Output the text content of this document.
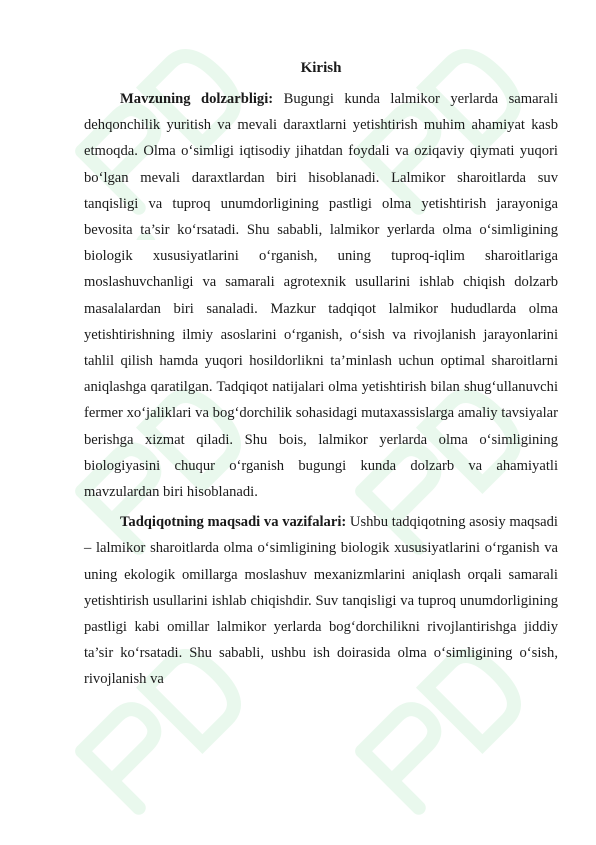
Kirish

Mavzuning dolzarbligi: Bugungi kunda lalmikor yerlarda samarali dehqonchilik yuritish va mevali daraxtlarni yetishtirish muhim ahamiyat kasb etmoqda. Olma o‘simligi iqtisodiy jihatdan foydali va oziqaviy qiymati yuqori bo‘lgan mevali daraxtlardan biri hisoblanadi. Lalmikor sharoitlarda suv tanqisligi va tuproq unumdorligining pastligi olma yetishtirish jarayoniga bevosita ta’sir ko‘rsatadi. Shu sababli, lalmikor yerlarda olma o‘simligining biologik xususiyatlarini o‘rganish, uning tuproq-iqlim sharoitlariga moslashuvchanligi va samarali agrotexnik usullarini ishlab chiqish dolzarb masalalardan biri sanaladi. Mazkur tadqiqot lalmikor hududlarda olma yetishtirishning ilmiy asoslarini o‘rganish, o‘sish va rivojlanish jarayonlarini tahlil qilish hamda yuqori hosildorlikni ta’minlash uchun optimal sharoitlarni aniqlashga qaratilgan. Tadqiqot natijalari olma yetishtirish bilan shug‘ullanuvchi fermer xo‘jaliklari va bog‘dorchilik sohasidagi mutaxassislarga amaliy tavsiyalar berishga xizmat qiladi. Shu bois, lalmikor yerlarda olma o‘simligining biologiyasini chuqur o‘rganish bugungi kunda dolzarb va ahamiyatli mavzulardan biri hisoblanadi.

Tadqiqotning maqsadi va vazifalari: Ushbu tadqiqotning asosiy maqsadi – lalmikor sharoitlarda olma o‘simligining biologik xususiyatlarini o‘rganish va uning ekologik omillarga moslashuv mexanizmlarini aniqlash orqali samarali yetishtirish usullarini ishlab chiqishdir. Suv tanqisligi va tuproq unumdorligining pastligi kabi omillar lalmikor yerlarda bog‘dorchilikni rivojlantirishga jiddiy ta’sir ko‘rsatadi. Shu sababli, ushbu ish doirasida olma o‘simligining o‘sish, rivojlanish va
